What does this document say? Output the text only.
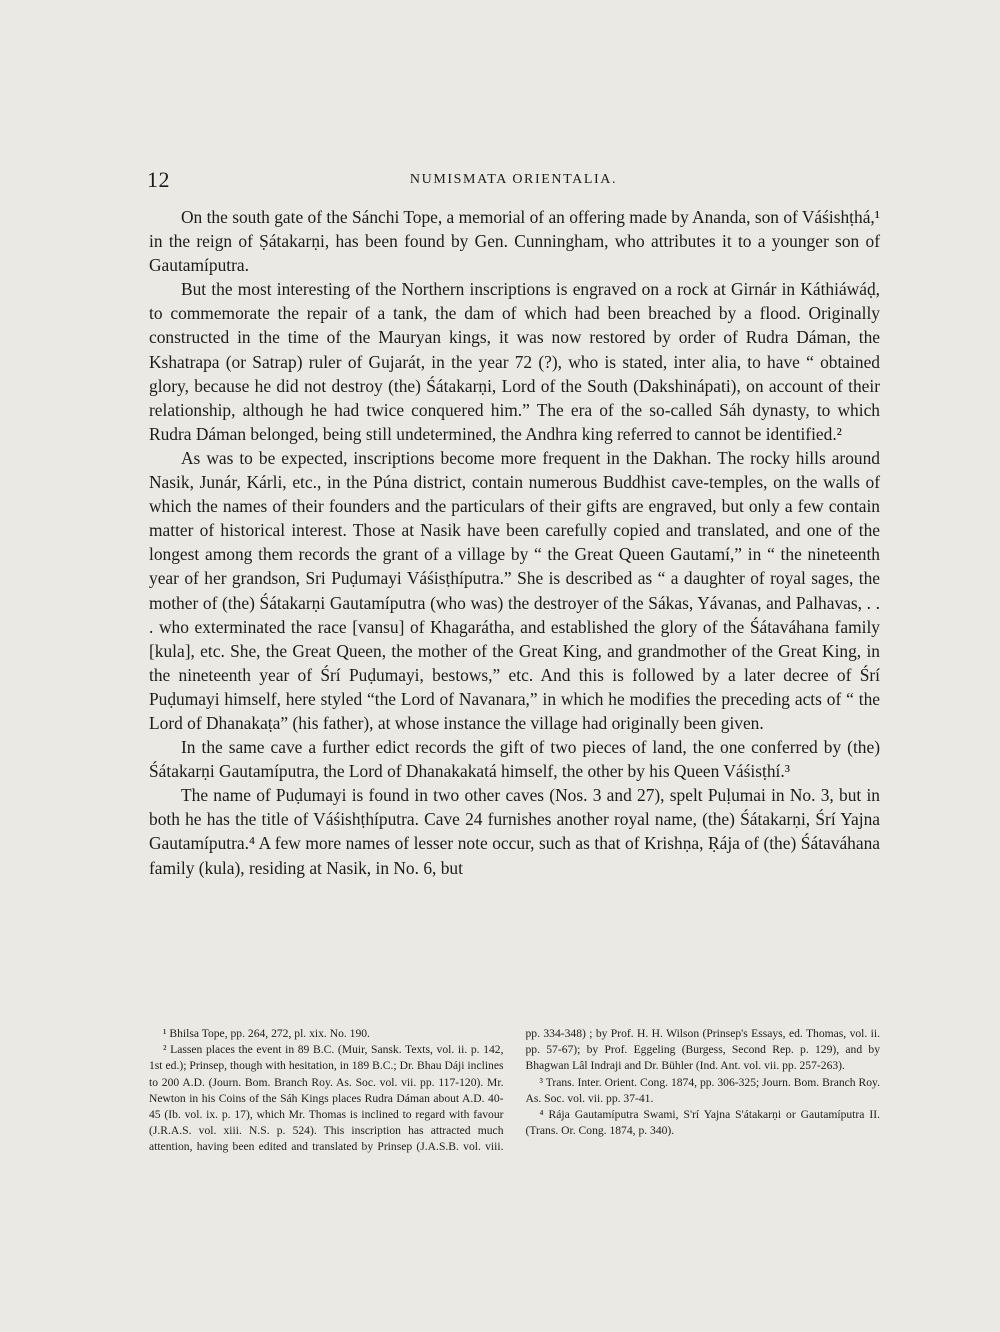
12	NUMISMATA ORIENTALIA.

On the south gate of the Sánchi Tope, a memorial of an offering made by Ananda, son of Váśishṭhá,¹ in the reign of Ṣátakarṇi, has been found by Gen. Cunningham, who attributes it to a younger son of Gautamíputra.

But the most interesting of the Northern inscriptions is engraved on a rock at Girnár in Káthiáwáḍ, to commemorate the repair of a tank, the dam of which had been breached by a flood. Originally constructed in the time of the Mauryan kings, it was now restored by order of Rudra Dáman, the Kshatrapa (or Satrap) ruler of Gujarát, in the year 72 (?), who is stated, inter alia, to have “ obtained glory, because he did not destroy (the) Śátakarṇi, Lord of the South (Dakshinápati), on account of their relationship, although he had twice conquered him.” The era of the so-called Sáh dynasty, to which Rudra Dáman belonged, being still undetermined, the Andhra king referred to cannot be identified.²

As was to be expected, inscriptions become more frequent in the Dakhan. The rocky hills around Nasik, Junár, Kárli, etc., in the Púna district, contain numerous Buddhist cave-temples, on the walls of which the names of their founders and the particulars of their gifts are engraved, but only a few contain matter of historical interest. Those at Nasik have been carefully copied and translated, and one of the longest among them records the grant of a village by “ the Great Queen Gautamí,” in “ the nineteenth year of her grandson, Sri Puḍumayi Váśisṭhíputra.” She is described as “ a daughter of royal sages, the mother of (the) Śátakarṇi Gautamíputra (who was) the destroyer of the Sákas, Yávanas, and Palhavas, . . . who exterminated the race [vansu] of Khagarátha, and established the glory of the Śátaváhana family [kula], etc. She, the Great Queen, the mother of the Great King, and grandmother of the Great King, in the nineteenth year of Śrí Puḍumayi, bestows,” etc. And this is followed by a later decree of Śrí Puḍumayi himself, here styled “the Lord of Navanara,” in which he modifies the preceding acts of “ the Lord of Dhanakaṭa” (his father), at whose instance the village had originally been given.

In the same cave a further edict records the gift of two pieces of land, the one conferred by (the) Śátakarṇi Gautamíputra, the Lord of Dhanakakatá himself, the other by his Queen Váśisṭhí.³

The name of Puḍumayi is found in two other caves (Nos. 3 and 27), spelt Puḷumai in No. 3, but in both he has the title of Váśishṭhíputra. Cave 24 furnishes another royal name, (the) Śátakarṇi, Śrí Yajna Gautamíputra.⁴ A few more names of lesser note occur, such as that of Krishṇa, Ṛája of (the) Śátaváhana family (kula), residing at Nasik, in No. 6, but

¹ Bhilsa Tope, pp. 264, 272, pl. xix. No. 190.

² Lassen places the event in 89 B.C. (Muir, Sansk. Texts, vol. ii. p. 142, 1st ed.); Prinsep, though with hesitation, in 189 B.C.; Dr. Bhau Dáji inclines to 200 A.D. (Journ. Bom. Branch Roy. As. Soc. vol. vii. pp. 117-120). Mr. Newton in his Coins of the Sáh Kings places Rudra Dáman about A.D. 40-45 (Ib. vol. ix. p. 17), which Mr. Thomas is inclined to regard with favour (J.R.A.S. vol. xiii. N.S. p. 524). This inscription has attracted much attention, having been edited and translated by Prinsep (J.A.S.B. vol. viii. pp. 334-348) ; by Prof. H. H. Wilson (Prinsep's Essays, ed. Thomas, vol. ii. pp. 57-67); by Prof. Eggeling (Burgess, Second Rep. p. 129), and by Bhagwan Lâl Indraji and Dr. Bühler (Ind. Ant. vol. vii. pp. 257-263).

³ Trans. Inter. Orient. Cong. 1874, pp. 306-325; Journ. Bom. Branch Roy. As. Soc. vol. vii. pp. 37-41.

⁴ Rája Gautamíputra Swami, S'rí Yajna S'átakarṇi or Gautamíputra II. (Trans. Or. Cong. 1874, p. 340).
